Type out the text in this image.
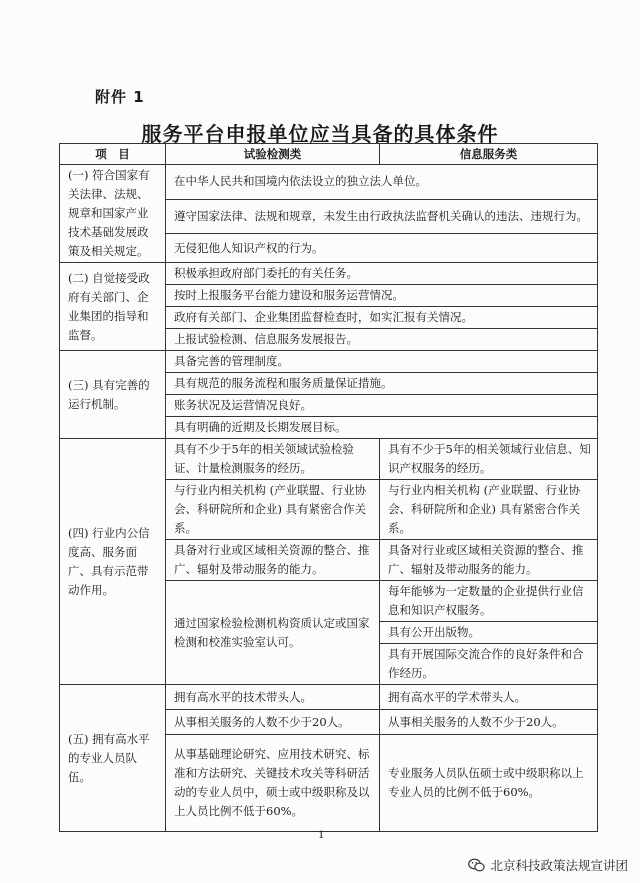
附件 1
服务平台申报单位应当具备的具体条件
项　目	试验检测类	信息服务类
(一) 符合国家有关法律、法规、规章和国家产业技术基础发展政策及相关规定。	在中华人民共和国境内依法设立的独立法人单位。	
	遵守国家法律、法规和规章，未发生由行政执法监督机关确认的违法、违规行为。	
	无侵犯他人知识产权的行为。	
(二) 自觉接受政府有关部门、企业集团的指导和监督。	积极承担政府部门委托的有关任务。	
	按时上报服务平台能力建设和服务运营情况。	
	政府有关部门、企业集团监督检查时，如实汇报有关情况。	
	上报试验检测、信息服务发展报告。	
(三) 具有完善的运行机制。	具备完善的管理制度。	
	具有规范的服务流程和服务质量保证措施。	
	账务状况及运营情况良好。	
	具有明确的近期及长期发展目标。	
(四) 行业内公信度高、服务面广、具有示范带动作用。	具有不少于5年的相关领域试验检验证、计量检测服务的经历。	具有不少于5年的相关领域行业信息、知识产权服务的经历。
	与行业内相关机构 (产业联盟、行业协会、科研院所和企业) 具有紧密合作关系。	与行业内相关机构 (产业联盟、行业协会、科研院所和企业) 具有紧密合作关系。
	具备对行业或区域相关资源的整合、推广、辐射及带动服务的能力。	具备对行业或区域相关资源的整合、推广、辐射及带动服务的能力。
	通过国家检验检测机构资质认定或国家检测和校准实验室认可。	每年能够为一定数量的企业提供行业信息和知识产权服务。
		具有公开出版物。
		具有开展国际交流合作的良好条件和合作经历。
(五) 拥有高水平的专业人员队伍。	拥有高水平的技术带头人。	拥有高水平的学术带头人。
	从事相关服务的人数不少于20人。	从事相关服务的人数不少于20人。
	从事基础理论研究、应用技术研究、标准和方法研究、关键技术攻关等科研活动的专业人员中，硕士或中级职称及以上人员比例不低于60%。	专业服务人员队伍硕士或中级职称以上专业人员的比例不低于60%。
1
北京科技政策法规宣讲团
